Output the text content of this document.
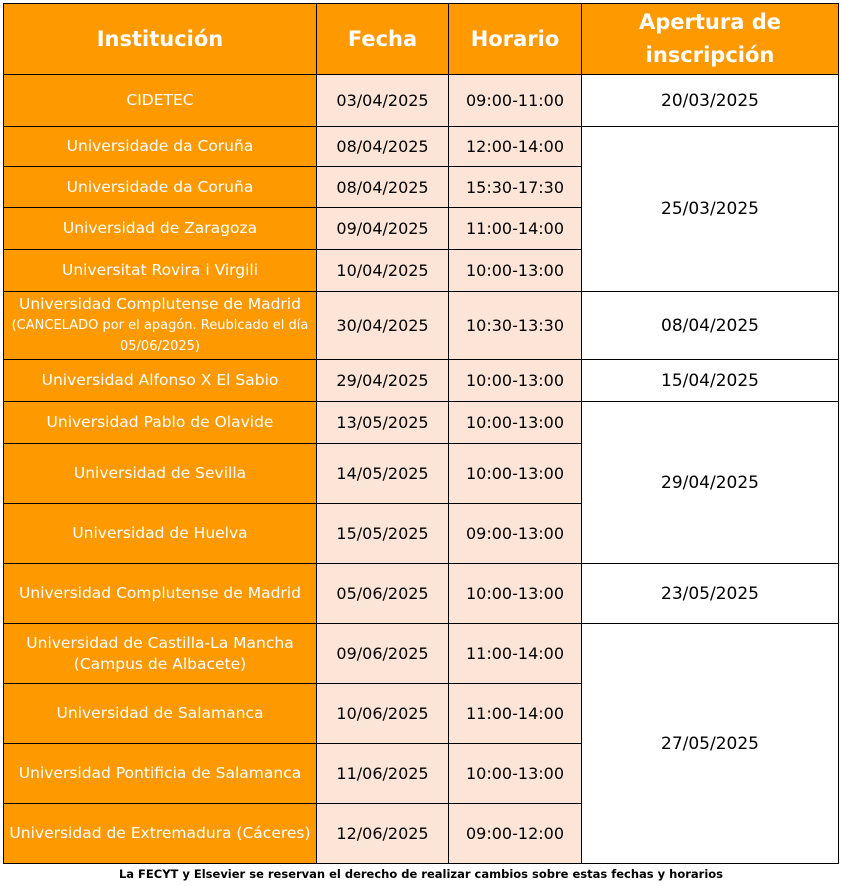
Institución	Fecha	Horario	Apertura de inscripción
CIDETEC	03/04/2025	09:00-11:00	20/03/2025
Universidade da Coruña	08/04/2025	12:00-14:00	25/03/2025
Universidade da Coruña	08/04/2025	15:30-17:30	
Universidad de Zaragoza	09/04/2025	11:00-14:00	
Universitat Rovira i Virgili	10/04/2025	10:00-13:00	

Universidad Complutense de Madrid
(CANCELADO por el apagón. Reubicado el día 05/06/2025)	30/04/2025	10:30-13:30	08/04/2025
Universidad Alfonso X El Sabio	29/04/2025	10:00-13:00	15/04/2025
Universidad Pablo de Olavide	13/05/2025	10:00-13:00	29/04/2025
Universidad de Sevilla	14/05/2025	10:00-13:00	
Universidad de Huelva	15/05/2025	09:00-13:00	
Universidad Complutense de Madrid	05/06/2025	10:00-13:00	23/05/2025
Universidad de Castilla-La Mancha (Campus de Albacete)	09/06/2025	11:00-14:00	27/05/2025
Universidad de Salamanca	10/06/2025	11:00-14:00	
Universidad Pontificia de Salamanca	11/06/2025	10:00-13:00	
Universidad de Extremadura (Cáceres)	12/06/2025	09:00-12:00	
La FECYT y Elsevier se reservan el derecho de realizar cambios sobre estas fechas y horarios
